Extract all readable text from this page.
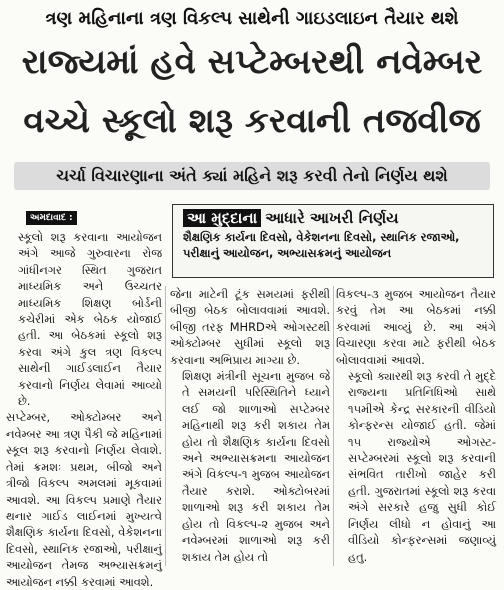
ત્રણ મહિનાના ત્રણ વિકલ્પ સાથેની ગાઇડલાઇન તૈયાર થશે
રાજ્યમાં હવે સપ્ટેમ્બરથી નવેમ્બર
વચ્ચે સ્કૂલો શરૂ કરવાની તજવીજ
ચર્ચા વિચારણાના અંતે ક્યાં મહિને શરૂ કરવી તેનો નિર્ણય થશે
અમદાવાદ :

સ્કૂલો શરૂ કરવાના આયોજન અંગે આજે ગુરુવારના રોજ ગાંધીનગર સ્થિત ગુજરાત માધ્યમિક અને ઉચ્ચતર માધ્યમિક શિક્ષણ બોર્ડની કચેરીમાં એક બેઠક યોજાઈ હતી. આ બેઠકમાં સ્કૂલો શરૂ કરવા અંગે કુલ ત્રણ વિકલ્પ સાથેની ગાઈડલાઈન તૈયાર કરવાનો નિર્ણય લેવામાં આવ્યો છે.

સપ્ટેમ્બર, ઓક્ટોમ્બર અને નવેમ્બર આ ત્રણ પૈકી જે મહિનામાં સ્કૂલ શરૂ કરવાનો નિર્ણય લેવાશે. તેમાં ક્રમશઃ પ્રથમ, બીજો અને ત્રીજો વિકલ્પ અમલમાં મૂકવામાં આવશે. આ વિકલ્પ પ્રમાણે તૈયાર થનાર ગાઈડ લાઈનમાં મુખ્યત્વે શૈક્ષણિક કાર્યના દિવસો, વેકેશનના દિવસો, સ્થાનિક રજાઓ, પરીક્ષાનું આયોજન તેમજ અભ્યાસક્રમનું આયોજન નક્કી કરવામાં આવશે.

આ મુદ્દાના આધારે આખરી નિર્ણય
શૈક્ષણિક કાર્યના દિવસો, વેકેશનના દિવસો, સ્થાનિક રજાઓ, પરીક્ષાનું આયોજન, અભ્યાસક્રમનું આયોજન

જેના માટેની ટૂંક સમયમાં ફરીથી બીજી બેઠક બોલાવવામાં આવશે. બીજી તરફ MHRDએ ઓગસ્ટથી ઓક્ટોમ્બર સુધીમાં સ્કૂલો શરૂ કરવાના અભિપ્રાય માગ્યા છે.

શિક્ષણ મંત્રીની સૂચના મુજબ જે તે સમયની પરિસ્થિતિને ધ્યાને લઈ જો શાળાઓ સપ્ટેમ્બર મહિનાથી શરૂ કરી શકાય તેમ હોય તો શૈક્ષણિક કાર્યના દિવસો અને અભ્યાસક્રમના આયોજન અંગે વિકલ્પ-૧ મુજબ આયોજન તૈયાર કરાશે. ઓક્ટોબરમાં શાળાઓ શરૂ કરી શકાય તેમ હોય તો વિકલ્પ-૨ મુજબ અને નવેમ્બરમાં શાળાઓ શરૂ કરી શકાય તેમ હોય તો

વિકલ્પ-૩ મુજબ આયોજન તૈયાર કરવું તેમ આ બેઠકમાં નક્કી કરવામાં આવ્યું છે. આ અંગે વિચારણા કરવા માટે ફરીથી બેઠક બોલાવવામાં આવશે.

સ્કૂલો ક્યારથી શરૂ કરવી તે મુદ્દે રાજ્યના પ્રતિનિધિઓ સાથે ૧૫મીએ કેન્દ્ર સરકારની વીડિયો કોન્ફરન્સ યોજાઈ હતી. જેમાં ૧૫ રાજ્યોએ ઓગસ્ટ-સપ્ટેમ્બરમાં સ્કૂલો શરૂ કરવાની સંભવિત તારીખો જાહેર કરી હતી. ગુજરાતમાં સ્કૂલો શરૂ કરવા અંગે સરકારે હજુ સુધી કોઈ નિર્ણય લીધો ન હોવાનું આ વીડિયો કોન્ફરન્સમાં જણાવ્યું હતુ.
